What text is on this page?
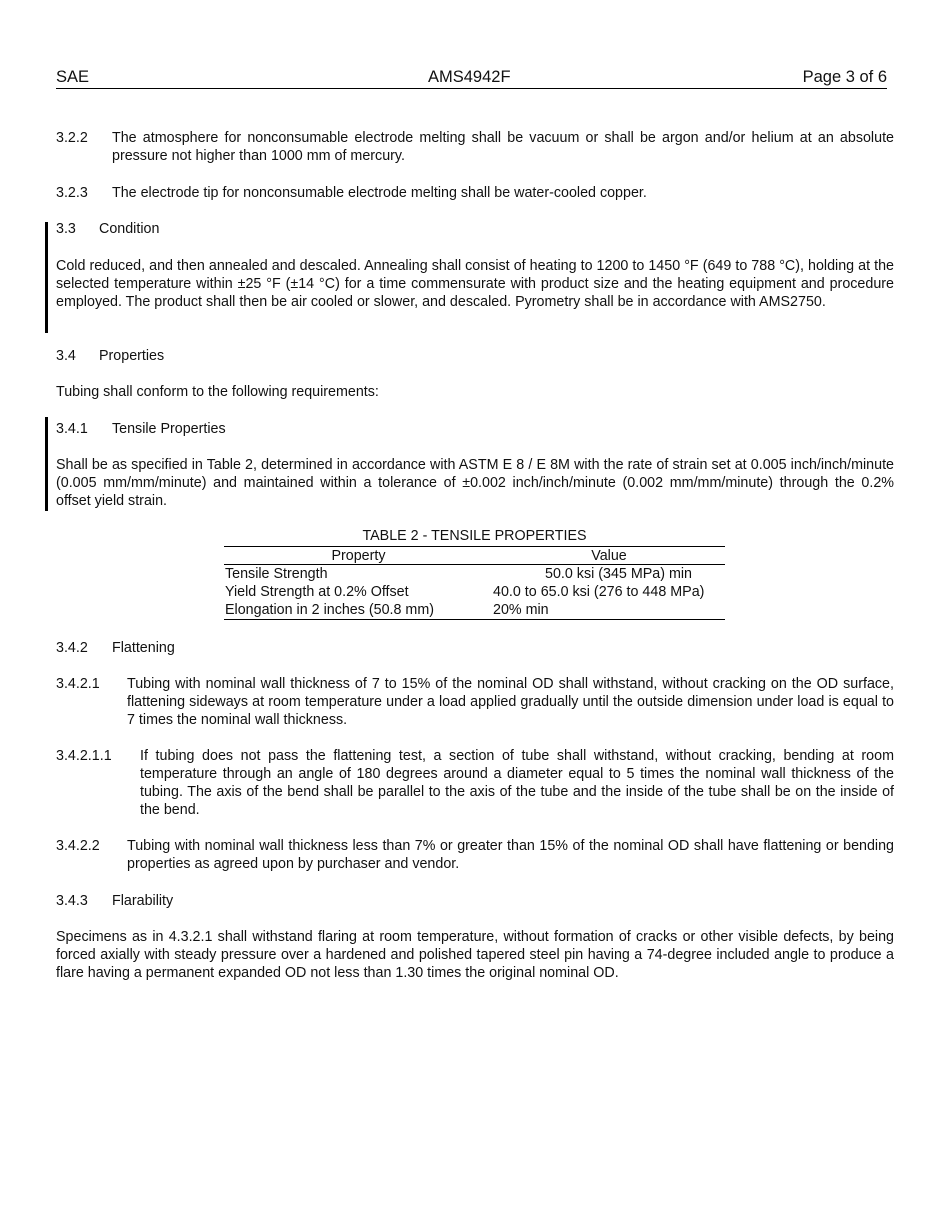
SAE	AMS4942F	Page 3 of 6
3.2.2 The atmosphere for nonconsumable electrode melting shall be vacuum or shall be argon and/or helium at an absolute pressure not higher than 1000 mm of mercury.
3.2.3 The electrode tip for nonconsumable electrode melting shall be water-cooled copper.
3.3 Condition
Cold reduced, and then annealed and descaled. Annealing shall consist of heating to 1200 to 1450 °F (649 to 788 °C), holding at the selected temperature within ±25 °F (±14 °C) for a time commensurate with product size and the heating equipment and procedure employed. The product shall then be air cooled or slower, and descaled. Pyrometry shall be in accordance with AMS2750.
3.4 Properties
Tubing shall conform to the following requirements:
3.4.1 Tensile Properties
Shall be as specified in Table 2, determined in accordance with ASTM E 8 / E 8M with the rate of strain set at 0.005 inch/inch/minute (0.005 mm/mm/minute) and maintained within a tolerance of ±0.002 inch/inch/minute (0.002 mm/mm/minute) through the 0.2% offset yield strain.
TABLE 2 - TENSILE PROPERTIES
Property	Value
Tensile Strength	50.0 ksi (345 MPa) min
Yield Strength at 0.2% Offset	40.0 to 65.0 ksi (276 to 448 MPa)
Elongation in 2 inches (50.8 mm)	20% min
3.4.2 Flattening
3.4.2.1 Tubing with nominal wall thickness of 7 to 15% of the nominal OD shall withstand, without cracking on the OD surface, flattening sideways at room temperature under a load applied gradually until the outside dimension under load is equal to 7 times the nominal wall thickness.
3.4.2.1.1 If tubing does not pass the flattening test, a section of tube shall withstand, without cracking, bending at room temperature through an angle of 180 degrees around a diameter equal to 5 times the nominal wall thickness of the tubing. The axis of the bend shall be parallel to the axis of the tube and the inside of the tube shall be on the inside of the bend.
3.4.2.2 Tubing with nominal wall thickness less than 7% or greater than 15% of the nominal OD shall have flattening or bending properties as agreed upon by purchaser and vendor.
3.4.3 Flarability
Specimens as in 4.3.2.1 shall withstand flaring at room temperature, without formation of cracks or other visible defects, by being forced axially with steady pressure over a hardened and polished tapered steel pin having a 74-degree included angle to produce a flare having a permanent expanded OD not less than 1.30 times the original nominal OD.
